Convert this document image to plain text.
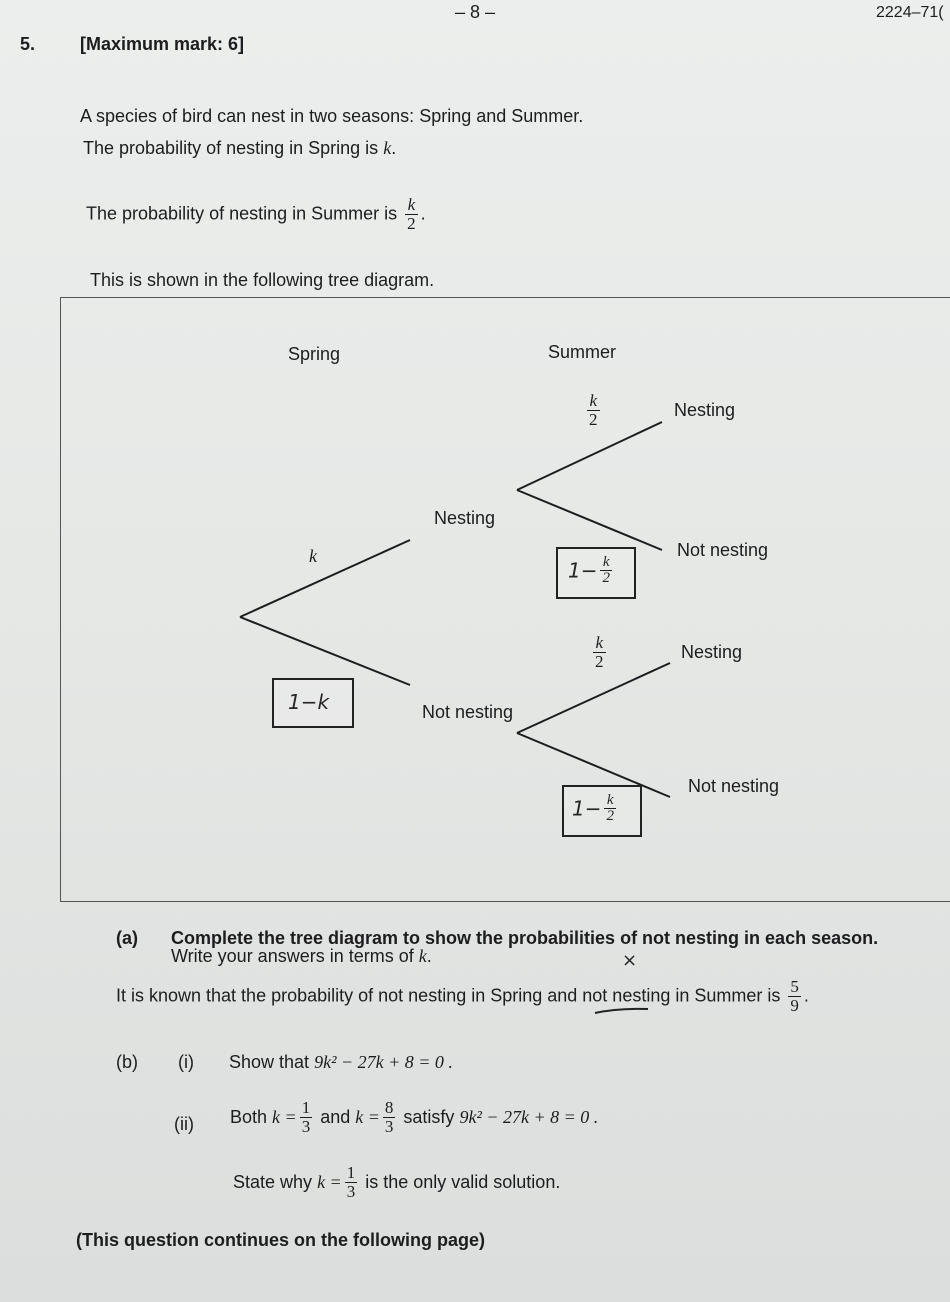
– 8 –	2224–71(
5. [Maximum mark: 6]
A species of bird can nest in two seasons: Spring and Summer.
The probability of nesting in Spring is k.
The probability of nesting in Summer is $\frac{k}{2}$ .
This is shown in the following tree diagram.
Spring	Summer
Nesting
k
Not nesting
1−k
$\frac{k}{2}$	Nesting
Not nesting
$1- \frac{k}{2}$
$\frac{k}{2}$	Nesting
Not nesting
$1- \frac{k}{2}$
(a) Complete the tree diagram to show the probabilities of not nesting in each season.
Write your answers in terms of k.	×
It is known that the probability of not nesting in Spring and not nesting in Summer is $\frac{5}{9}$ .
(b) (i) Show that 9k² − 27k + 8 = 0 .
(ii) Both $k = \frac{1}{3}$ and $k = \frac{8}{3}$ satisfy 9k² − 27k + 8 = 0 .
State why $k = \frac{1}{3}$ is the only valid solution.
(This question continues on the following page)
